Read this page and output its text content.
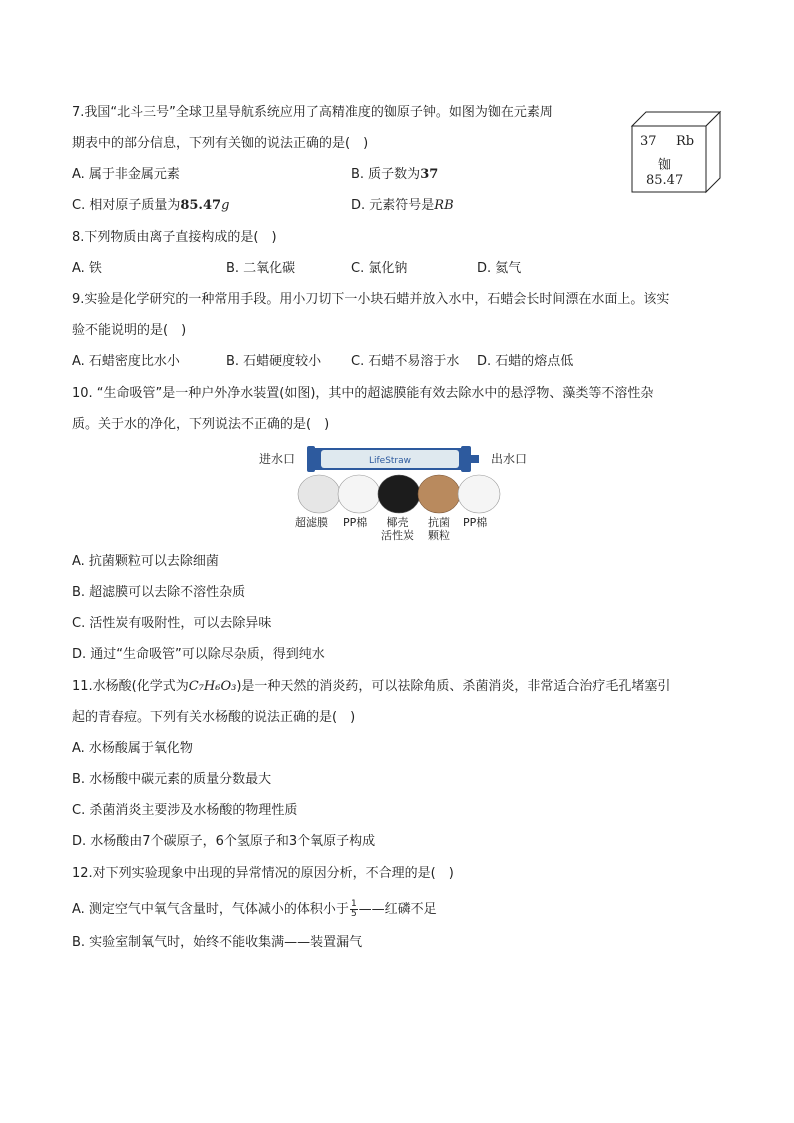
7.我国“北斗三号”全球卫星导航系统应用了高精准度的铷原子钟。如图为铷在元素周
期表中的部分信息，下列有关铷的说法正确的是(　)
A. 属于非金属元素	B. 质子数为37
C. 相对原子质量为85.47g	D. 元素符号是RB
37 Rb
铷
85.47
8.下列物质由离子直接构成的是(　)
A. 铁	B. 二氧化碳	C. 氯化钠	D. 氦气
9.实验是化学研究的一种常用手段。用小刀切下一小块石蜡并放入水中，石蜡会长时间漂在水面上。该实
验不能说明的是(　)
A. 石蜡密度比水小	B. 石蜡硬度较小 C. 石蜡不易溶于水 D. 石蜡的熔点低
10. “生命吸管”是一种户外净水装置(如图)，其中的超滤膜能有效去除水中的悬浮物、藻类等不溶性杂
质。关于水的净化，下列说法不正确的是(　)
进水口	出水口
LifeStraw
超滤膜 PP棉	椰壳
活性炭
抗菌
颗粒
PP棉
A. 抗菌颗粒可以去除细菌
B. 超滤膜可以去除不溶性杂质
C. 活性炭有吸附性，可以去除异味
D. 通过“生命吸管”可以除尽杂质，得到纯水
11.水杨酸(化学式为C₇H₆O₃)是一种天然的消炎药，可以祛除角质、杀菌消炎，非常适合治疗毛孔堵塞引
起的青春痘。下列有关水杨酸的说法正确的是(　)
A. 水杨酸属于氧化物
B. 水杨酸中碳元素的质量分数最大
C. 杀菌消炎主要涉及水杨酸的物理性质
D. 水杨酸由7个碳原子，6个氢原子和3个氧原子构成
12.对下列实验现象中出现的异常情况的原因分析，不合理的是(　)
A. 测定空气中氧气含量时，气体减小的体积小于 $\frac{1}{5}$ ——红磷不足
B. 实验室制氧气时，始终不能收集满——装置漏气
